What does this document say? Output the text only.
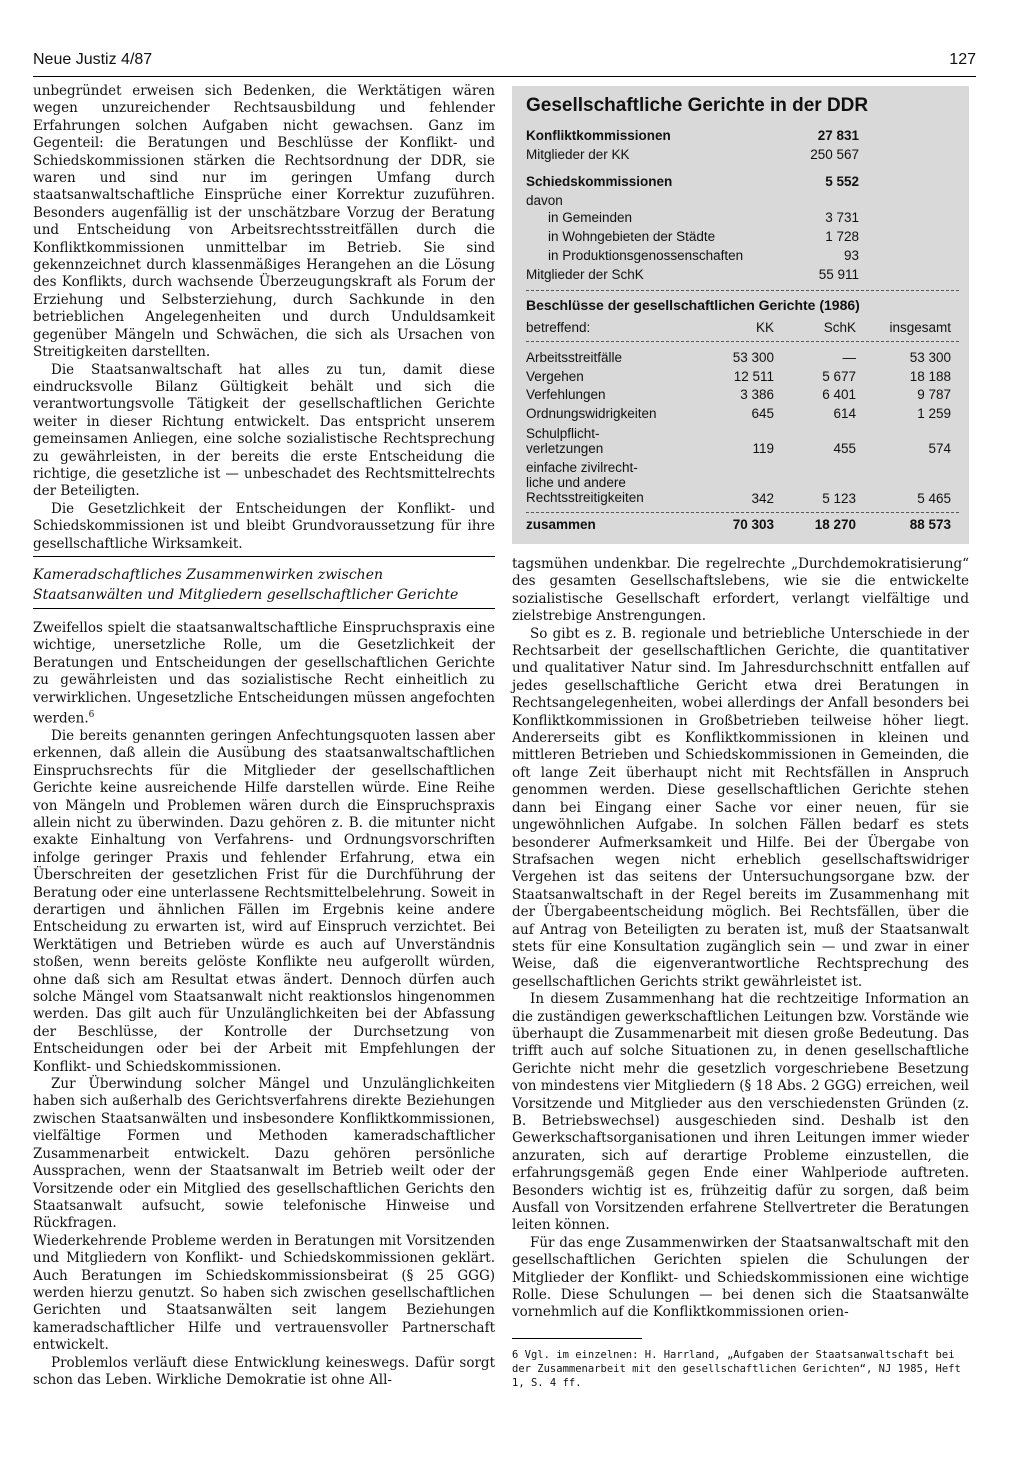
Neue Justiz 4/87	127

unbegründet erweisen sich Bedenken, die Werktätigen wären wegen unzureichender Rechtsausbildung und fehlender Erfahrungen solchen Aufgaben nicht gewachsen. Ganz im Gegenteil: die Beratungen und Beschlüsse der Konflikt- und Schiedskommissionen stärken die Rechtsordnung der DDR, sie waren und sind nur im geringen Umfang durch staatsanwaltschaftliche Einsprüche einer Korrektur zuzuführen. Besonders augenfällig ist der unschätzbare Vorzug der Beratung und Entscheidung von Arbeitsrechtsstreitfällen durch die Konfliktkommissionen unmittelbar im Betrieb. Sie sind gekennzeichnet durch klassenmäßiges Herangehen an die Lösung des Konflikts, durch wachsende Überzeugungskraft als Forum der Erziehung und Selbsterziehung, durch Sachkunde in den betrieblichen Angelegenheiten und durch Unduldsamkeit gegenüber Mängeln und Schwächen, die sich als Ursachen von Streitigkeiten darstellten.

Die Staatsanwaltschaft hat alles zu tun, damit diese eindrucksvolle Bilanz Gültigkeit behält und sich die verantwortungsvolle Tätigkeit der gesellschaftlichen Gerichte weiter in dieser Richtung entwickelt. Das entspricht unserem gemeinsamen Anliegen, eine solche sozialistische Rechtsprechung zu gewährleisten, in der bereits die erste Entscheidung die richtige, die gesetzliche ist — unbeschadet des Rechtsmittelrechts der Beteiligten.

Die Gesetzlichkeit der Entscheidungen der Konflikt- und Schiedskommissionen ist und bleibt Grundvoraussetzung für ihre gesellschaftliche Wirksamkeit.

Kameradschaftliches Zusammenwirken zwischen Staatsanwälten und Mitgliedern gesellschaftlicher Gerichte

Zweifellos spielt die staatsanwaltschaftliche Einspruchspraxis eine wichtige, unersetzliche Rolle, um die Gesetzlichkeit der Beratungen und Entscheidungen der gesellschaftlichen Gerichte zu gewährleisten und das sozialistische Recht einheitlich zu verwirklichen. Ungesetzliche Entscheidungen müssen angefochten werden.$^6$

Die bereits genannten geringen Anfechtungsquoten lassen aber erkennen, daß allein die Ausübung des staatsanwaltschaftlichen Einspruchsrechts für die Mitglieder der gesellschaftlichen Gerichte keine ausreichende Hilfe darstellen würde. Eine Reihe von Mängeln und Problemen wären durch die Einspruchspraxis allein nicht zu überwinden. Dazu gehören z. B. die mitunter nicht exakte Einhaltung von Verfahrens- und Ordnungsvorschriften infolge geringer Praxis und fehlender Erfahrung, etwa ein Überschreiten der gesetzlichen Frist für die Durchführung der Beratung oder eine unterlassene Rechtsmittelbelehrung. Soweit in derartigen und ähnlichen Fällen im Ergebnis keine andere Entscheidung zu erwarten ist, wird auf Einspruch verzichtet. Bei Werktätigen und Betrieben würde es auch auf Unverständnis stoßen, wenn bereits gelöste Konflikte neu aufgerollt würden, ohne daß sich am Resultat etwas ändert. Dennoch dürfen auch solche Mängel vom Staatsanwalt nicht reaktionslos hingenommen werden. Das gilt auch für Unzulänglichkeiten bei der Abfassung der Beschlüsse, der Kontrolle der Durchsetzung von Entscheidungen oder bei der Arbeit mit Empfehlungen der Konflikt- und Schiedskommissionen.

Zur Überwindung solcher Mängel und Unzulänglichkeiten haben sich außerhalb des Gerichtsverfahrens direkte Beziehungen zwischen Staatsanwälten und insbesondere Konfliktkommissionen, vielfältige Formen und Methoden kameradschaftlicher Zusammenarbeit entwickelt. Dazu gehören persönliche Aussprachen, wenn der Staatsanwalt im Betrieb weilt oder der Vorsitzende oder ein Mitglied des gesellschaftlichen Gerichts den Staatsanwalt aufsucht, sowie telefonische Hinweise und Rückfragen.

Wiederkehrende Probleme werden in Beratungen mit Vorsitzenden und Mitgliedern von Konflikt- und Schiedskommissionen geklärt. Auch Beratungen im Schiedskommissionsbeirat (§ 25 GGG) werden hierzu genutzt. So haben sich zwischen gesellschaftlichen Gerichten und Staatsanwälten seit langem Beziehungen kameradschaftlicher Hilfe und vertrauensvoller Partnerschaft entwickelt.

Problemlos verläuft diese Entwicklung keineswegs. Dafür sorgt schon das Leben. Wirkliche Demokratie ist ohne All-

Gesellschaftliche Gerichte in der DDR
Konfliktkommissionen	27 831
Mitglieder der KK	250 567
Schiedskommissionen	5 552
davon
in Gemeinden	3 731
in Wohngebieten der Städte	1 728
in Produktionsgenossenschaften	93
Mitglieder der SchK	55 911
Beschlüsse der gesellschaftlichen Gerichte (1986)
betreffend:	KK	SchK	insgesamt
Arbeitsstreitfälle	53 300	—	53 300
Vergehen	12 511	5 677	18 188
Verfehlungen	3 386	6 401	9 787
Ordnungswidrigkeiten	645	614	1 259
Schulpflicht-
verletzungen	119	455	574
einfache zivilrecht-
liche und andere
Rechtsstreitigkeiten	342	5 123	5 465
zusammen	70 303	18 270	88 573

tagsmühen undenkbar. Die regelrechte „Durchdemokratisierung“ des gesamten Gesellschaftslebens, wie sie die entwickelte sozialistische Gesellschaft erfordert, verlangt vielfältige und zielstrebige Anstrengungen.

So gibt es z. B. regionale und betriebliche Unterschiede in der Rechtsarbeit der gesellschaftlichen Gerichte, die quantitativer und qualitativer Natur sind. Im Jahresdurchschnitt entfallen auf jedes gesellschaftliche Gericht etwa drei Beratungen in Rechtsangelegenheiten, wobei allerdings der Anfall besonders bei Konfliktkommissionen in Großbetrieben teilweise höher liegt. Andererseits gibt es Konfliktkommissionen in kleinen und mittleren Betrieben und Schiedskommissionen in Gemeinden, die oft lange Zeit überhaupt nicht mit Rechtsfällen in Anspruch genommen werden. Diese gesellschaftlichen Gerichte stehen dann bei Eingang einer Sache vor einer neuen, für sie ungewöhnlichen Aufgabe. In solchen Fällen bedarf es stets besonderer Aufmerksamkeit und Hilfe. Bei der Übergabe von Strafsachen wegen nicht erheblich gesellschaftswidriger Vergehen ist das seitens der Untersuchungsorgane bzw. der Staatsanwaltschaft in der Regel bereits im Zusammenhang mit der Übergabeentscheidung möglich. Bei Rechtsfällen, über die auf Antrag von Beteiligten zu beraten ist, muß der Staatsanwalt stets für eine Konsultation zugänglich sein — und zwar in einer Weise, daß die eigenverantwortliche Rechtsprechung des gesellschaftlichen Gerichts strikt gewährleistet ist.

In diesem Zusammenhang hat die rechtzeitige Information an die zuständigen gewerkschaftlichen Leitungen bzw. Vorstände wie überhaupt die Zusammenarbeit mit diesen große Bedeutung. Das trifft auch auf solche Situationen zu, in denen gesellschaftliche Gerichte nicht mehr die gesetzlich vorgeschriebene Besetzung von mindestens vier Mitgliedern (§ 18 Abs. 2 GGG) erreichen, weil Vorsitzende und Mitglieder aus den verschiedensten Gründen (z. B. Betriebswechsel) ausgeschieden sind. Deshalb ist den Gewerkschaftsorganisationen und ihren Leitungen immer wieder anzuraten, sich auf derartige Probleme einzustellen, die erfahrungsgemäß gegen Ende einer Wahlperiode auftreten. Besonders wichtig ist es, frühzeitig dafür zu sorgen, daß beim Ausfall von Vorsitzenden erfahrene Stellvertreter die Beratungen leiten können.

Für das enge Zusammenwirken der Staatsanwaltschaft mit den gesellschaftlichen Gerichten spielen die Schulungen der Mitglieder der Konflikt- und Schiedskommissionen eine wichtige Rolle. Diese Schulungen — bei denen sich die Staatsanwälte vornehmlich auf die Konfliktkommissionen orien-

6 Vgl. im einzelnen: H. Harrland, „Aufgaben der Staatsanwaltschaft bei der Zusammenarbeit mit den gesellschaftlichen Gerichten“, NJ 1985, Heft 1, S. 4 ff.
